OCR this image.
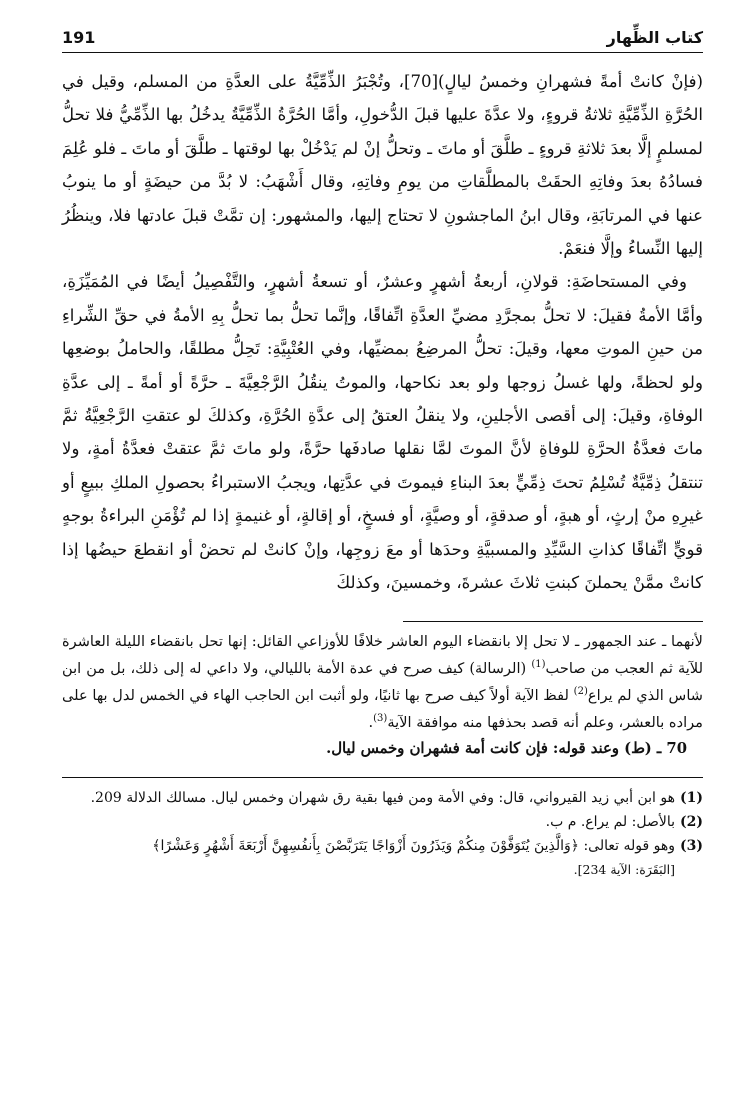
كتاب الظِّهار
191

(فإنْ كانتْ أمةً فشهرانِ وخمسُ ليالٍ)[70]، وتُجْبَرُ الذِّمِّيَّةُ على العدَّةِ من المسلم، وقيل في الحُرَّةِ الذِّمِّيَّةِ ثلاثةُ قروءٍ، ولا عدَّةَ عليها قبلَ الدُّخولِ، وأمَّا الحُرَّةُ الذِّمِّيَّةُ يدخُلُ بها الذِّمِّيُّ فلا تحلُّ لمسلمٍ إلَّا بعدَ ثلاثةِ قروءٍ ـ طلَّقَ أو ماتَ ـ وتحلُّ إنْ لم يَدْخُلْ بها لوقتها ـ طلَّقَ أو ماتَ ـ فلو عُلِمَ فسادُهُ بعدَ وفاتِهِ الحقَتْ بالمطلَّقاتِ من يومِ وفاتِهِ، وقال أَشْهَبُ: لا بُدَّ من حيضَةٍ أو ما ينوبُ عنها في المرتابَةِ، وقال ابنُ الماجشونِ لا تحتاج إليها، والمشهور: إن تمَّتْ قبلَ عادتها فلا، وينظُرُ إليها النِّساءُ وإلَّا فنعَمْ.

وفي المستحاضَةِ: قولانِ، أربعةُ أشهرٍ وعشرٌ، أو تسعةُ أشهرٍ، والتَّفْصِيلُ أيضًا في المُمَيِّزَةِ، وأمَّا الأمةُ فقيلَ: لا تحلُّ بمجرَّدِ مضيِّ العدَّةِ اتِّفاقًا، وإنَّما تحلُّ بما تحلُّ بِهِ الأمةُ في حقِّ الشِّراءِ من حينِ الموتِ معها، وقيلَ: تحلُّ المرضِعُ بمضيِّها، وفي العُتْبِيَّةِ: تَحِلُّ مطلقًا، والحاملُ بوضعِها ولو لحظةً، ولها غسلُ زوجها ولو بعد نكاحها، والموتُ ينقُلُ الرَّجْعِيَّةَ ـ حرَّةً أو أمةً ـ إلى عدَّةِ الوفاةِ، وقيلَ: إلى أقصى الأجلينِ، ولا ينقلُ العتقُ إلى عدَّةِ الحُرَّةِ، وكذلكَ لو عتقتِ الرَّجْعِيَّةُ ثمَّ ماتَ فعدَّةُ الحرَّةِ للوفاةِ لأنَّ الموتَ لمَّا نقلها صادفَها حرَّةً، ولو ماتَ ثمَّ عتقتْ فعدَّةُ أمةٍ، ولا تنتقلُ ذِمِّيَّةٌ تُسْلِمُ تحتَ ذِمِّيٍّ بعدَ البناءِ فيموتَ في عدَّتِها، ويجبُ الاستبراءُ بحصولِ الملكِ ببيعٍ أو غيرِهِ منْ إرثٍ، أو هبةٍ، أو صدقةٍ، أو وصيَّةٍ، أو فسخٍ، أو إقالةٍ، أو غنيمةٍ إذا لم تُؤْمَنِ البراءةُ بوجهٍ قويٍّ اتِّفاقًا كذاتِ السَّيِّدِ والمسبيَّةِ وحدَها أو معَ زوجِها، وإنْ كانتْ لم تحضْ أو انقطعَ حيضُها إذا كانتْ ممَّنْ يحملنَ كبنتِ ثلاثَ عشرةَ، وخمسينَ، وكذلكَ

لأنهما ـ عند الجمهور ـ لا تحل إلا بانقضاء اليوم العاشر خلافًا للأوزاعي القائل: إنها تحل بانقضاء الليلة العاشرة للآية ثم العجب من صاحب$^{(1)}$ (الرسالة) كيف صرح في عدة الأمة بالليالي، ولا داعي له إلى ذلك، بل من ابن شاس الذي لم يراع$^{(2)}$ لفظ الآية أولاً كيف صرح بها ثانيًا، ولو أثبت ابن الحاجب الهاء في الخمس لدل بها على مراده بالعشر، وعلم أنه قصد بحذفها منه موافقة الآية$^{(3)}$.

70 ـ (ط) وعند قوله: فإن كانت أمة فشهران وخمس ليال.

(1)
هو ابن أبي زيد القيرواني، قال: وفي الأمة ومن فيها بقية رق شهران وخمس ليال. مسالك الدلالة 209.
(2)
بالأصل: لم يراع. م ب.
(3)
وهو قوله تعالى: ﴿وَالَّذِينَ يُتَوَفَّوْنَ مِنكُمْ وَيَذَرُونَ أَزْوَاجًا يَتَرَبَّصْنَ بِأَنفُسِهِنَّ أَرْبَعَةَ أَشْهُرٍ وَعَشْرًا﴾
[البَقَرَة: الآية 234].
